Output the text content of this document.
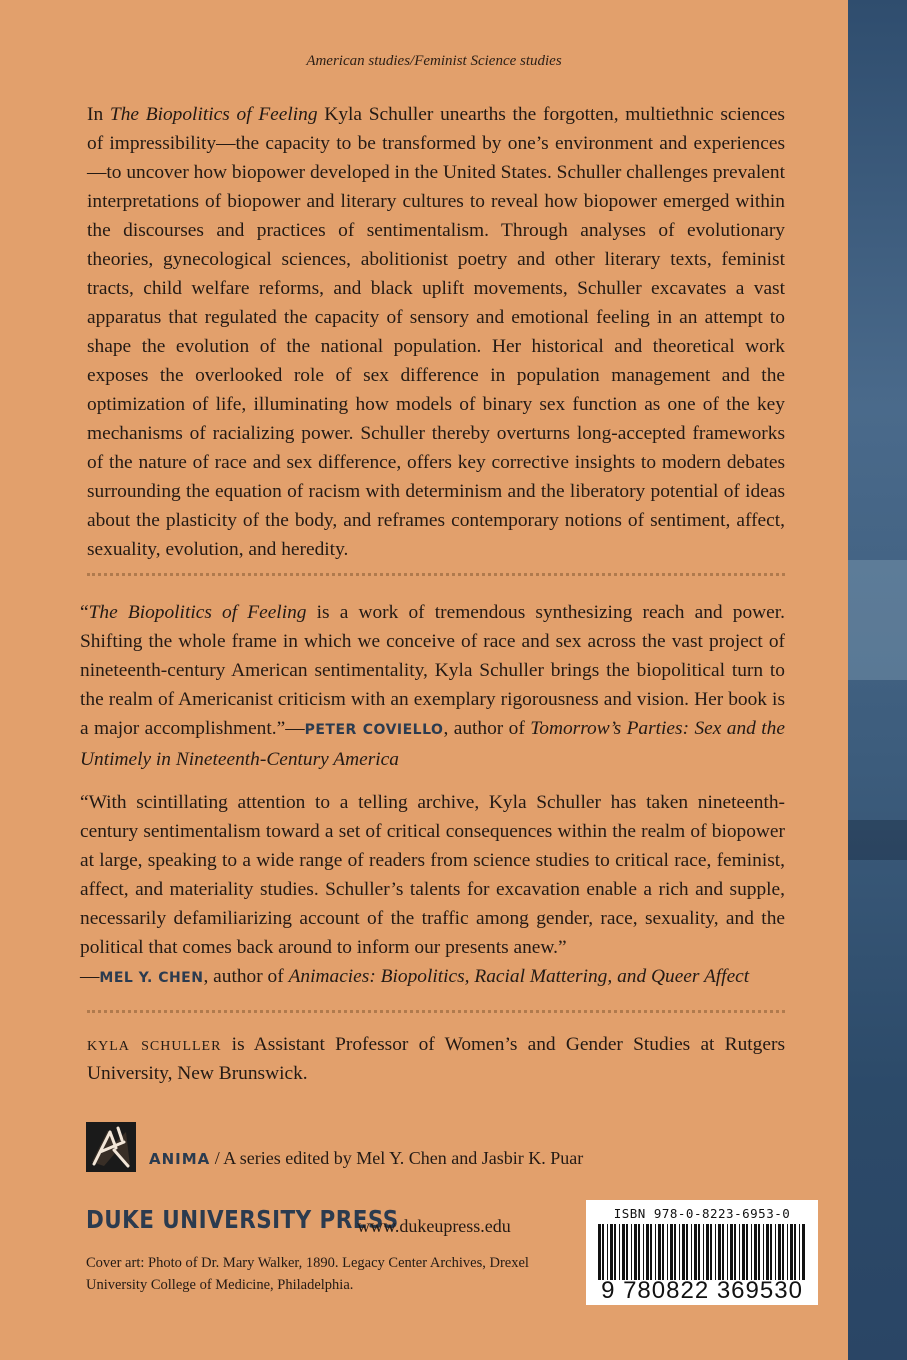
American studies/Feminist Science studies

In The Biopolitics of Feeling Kyla Schuller unearths the forgotten, multiethnic sciences of impressibility—the capacity to be transformed by one’s environment and experiences—to uncover how biopower developed in the United States. Schuller challenges prevalent interpretations of biopower and literary cultures to reveal how biopower emerged within the discourses and practices of sentimentalism. Through analyses of evolutionary theories, gynecological sciences, abolitionist poetry and other literary texts, feminist tracts, child welfare reforms, and black uplift movements, Schuller excavates a vast apparatus that regulated the capacity of sensory and emotional feeling in an attempt to shape the evolution of the national population. Her historical and theoretical work exposes the overlooked role of sex difference in population management and the optimization of life, illuminating how models of binary sex function as one of the key mechanisms of racializing power. Schuller thereby overturns long-accepted frameworks of the nature of race and sex difference, offers key corrective insights to modern debates surrounding the equation of racism with determinism and the liberatory potential of ideas about the plasticity of the body, and reframes contemporary notions of sentiment, affect, sexuality, evolution, and heredity.

“The Biopolitics of Feeling is a work of tremendous synthesizing reach and power. Shifting the whole frame in which we conceive of race and sex across the vast project of nineteenth-century American sentimentality, Kyla Schuller brings the biopolitical turn to the realm of Americanist criticism with an exemplary rigorousness and vision. Her book is a major accomplishment.”—PETER COVIELLO, author of Tomorrow’s Parties: Sex and the Untimely in Nineteenth-Century America

“With scintillating attention to a telling archive, Kyla Schuller has taken nineteenth-century sentimentalism toward a set of critical consequences within the realm of biopower at large, speaking to a wide range of readers from science studies to critical race, feminist, affect, and materiality studies. Schuller’s talents for excavation enable a rich and supple, necessarily defamiliarizing account of the traffic among gender, race, sexuality, and the political that comes back around to inform our presents anew.”
—MEL Y. CHEN, author of Animacies: Biopolitics, Racial Mattering, and Queer Affect

kyla schuller is Assistant Professor of Women’s and Gender Studies at Rutgers University, New Brunswick.

ANIMA / A series edited by Mel Y. Chen and Jasbir K. Puar
DUKE UNIVERSITY PRESS
www.dukeupress.edu

Cover art: Photo of Dr. Mary Walker, 1890. Legacy Center Archives, Drexel University College of Medicine, Philadelphia.

ISBN 978-0-8223-6953-0
9 780822 369530
